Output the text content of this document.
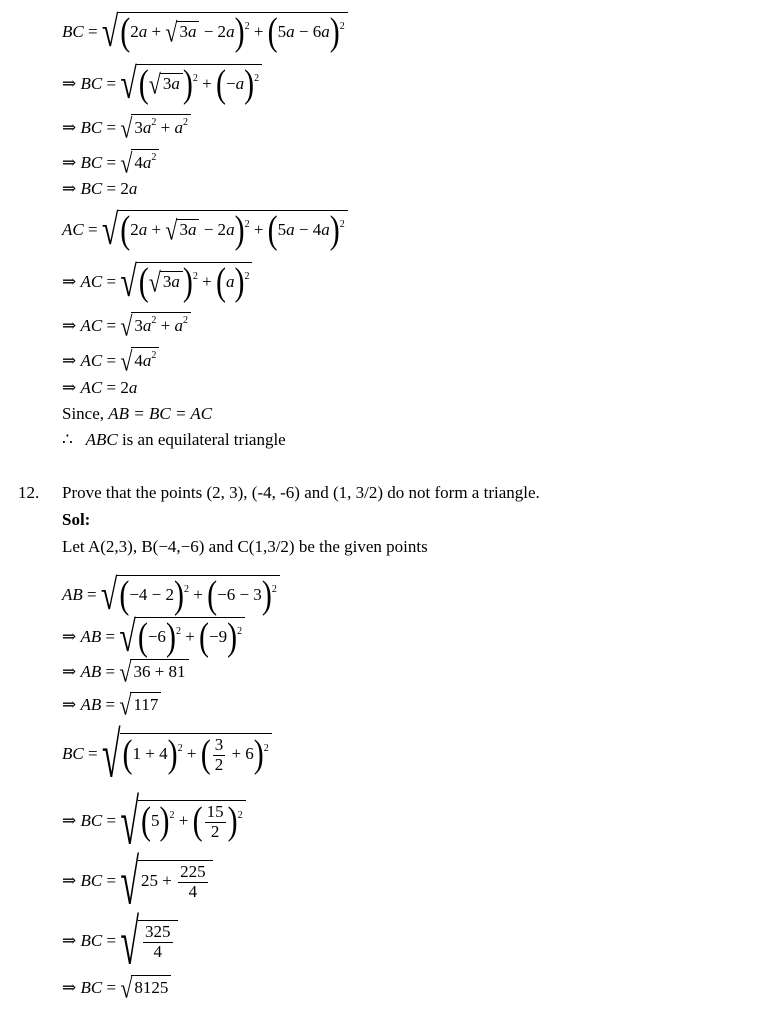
BC = √(2a + √ $3a - 2a)^2 + (5a - 6a)^2$
⇒ BC = √(√ 3a )$^2 + (-a)^2$
⇒ BC = √ $3a^2 + a^2$
⇒ BC = √ $4a^2$
⇒ BC = 2a
AC = √(2a + √ $3a - 2a)^2 + (5a - 4a)^2$
⇒ AC = √(√ 3a )$^2 + (a)^2$
⇒ AC = √ $3a^2 + a^2$
⇒ AC = √ $4a^2$
⇒ AC = 2a
Since, AB = BC = AC
∴ ABC is an equilateral triangle
12. Prove that the points (2, 3), (-4, -6) and (1, 3/2) do not form a triangle.
Sol:
Let A(2,3), B(−4,−6) and C(1,3/2) be the given points
AB = $√(-4 - 2)^2 + (-6 - 3)^2$
⇒ AB = $√(-6)^2 + (-9)^2$
⇒ AB = √ 36 + 81
⇒ AB = √ 117
BC = $√(1 + 4)^2$ + ( $\frac{3}{2} + 6)^2$
⇒ BC = $√(5)^2$ + ( $\frac{15}{2} )^2$
⇒ BC = √ $25 + \frac{225}{4}$
⇒ BC = √ $\frac{325}{4}$
⇒ BC = √ 8125
